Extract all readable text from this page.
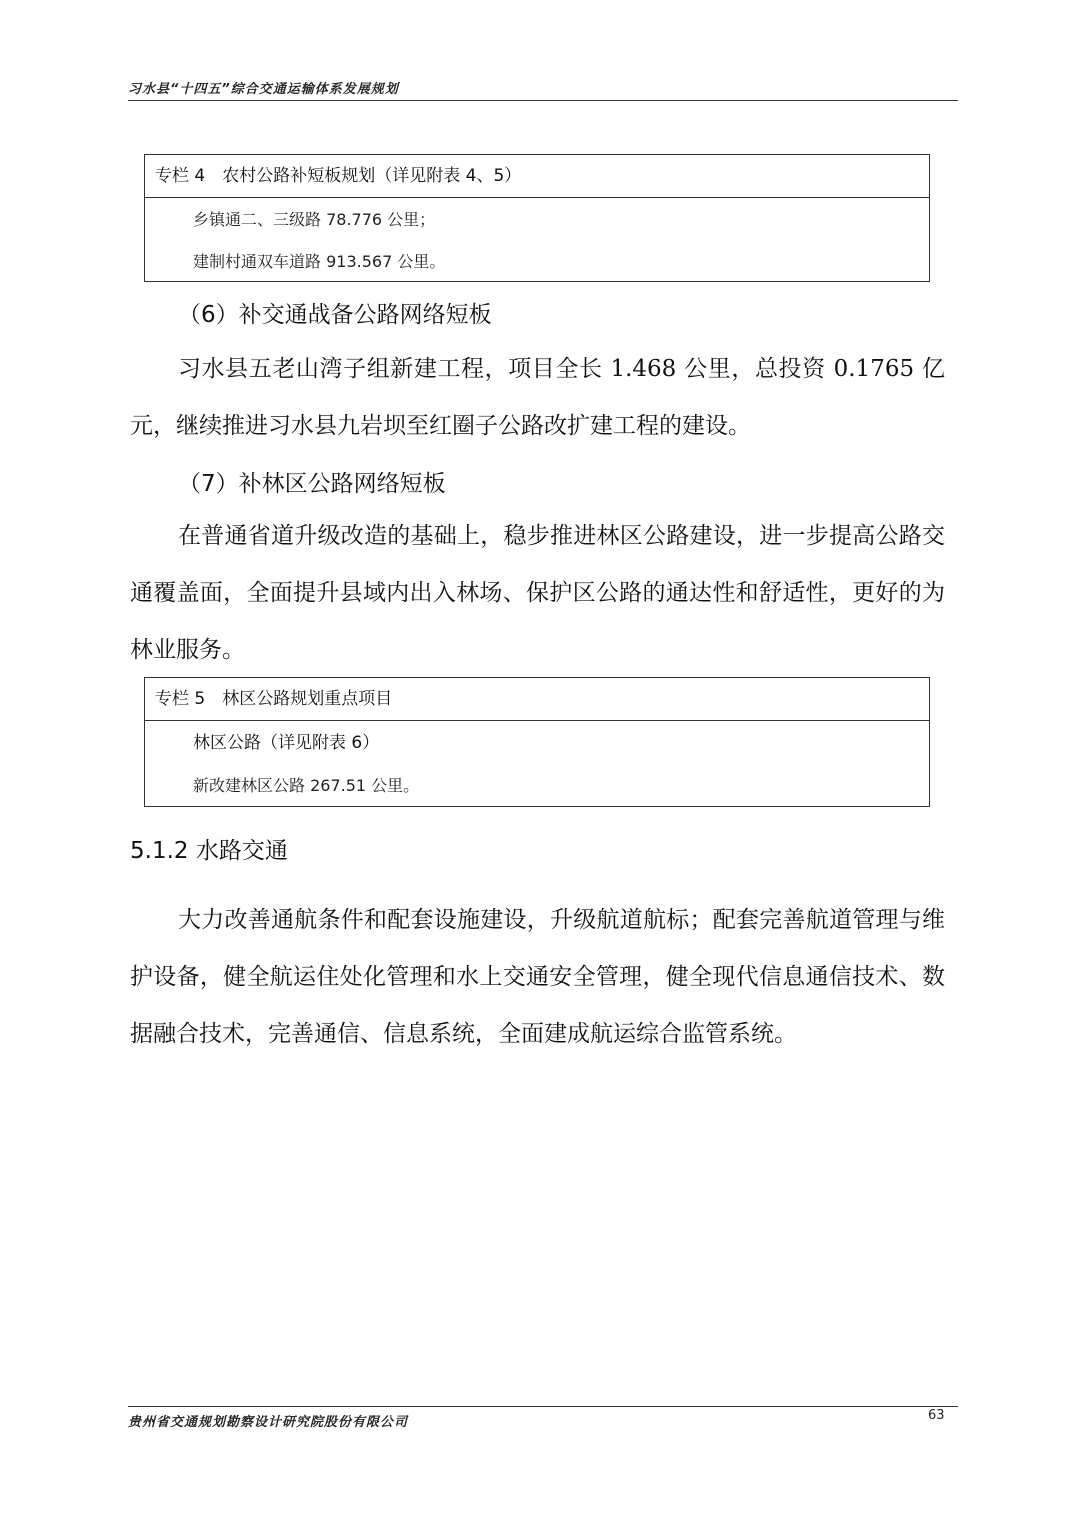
习水县“十四五”综合交通运输体系发展规划
专栏 4　农村公路补短板规划（详见附表 4、5）
乡镇通二、三级路 78.776 公里；
建制村通双车道路 913.567 公里。
（6）补交通战备公路网络短板
习水县五老山湾子组新建工程，项目全长 1.468 公里，总投资 0.1765 亿元，继续推进习水县九岩坝至红圈子公路改扩建工程的建设。
（7）补林区公路网络短板
在普通省道升级改造的基础上，稳步推进林区公路建设，进一步提高公路交通覆盖面，全面提升县域内出入林场、保护区公路的通达性和舒适性，更好的为林业服务。
专栏 5　林区公路规划重点项目
林区公路（详见附表 6）
新改建林区公路 267.51 公里。
5.1.2 水路交通
大力改善通航条件和配套设施建设，升级航道航标；配套完善航道管理与维护设备，健全航运住处化管理和水上交通安全管理，健全现代信息通信技术、数据融合技术，完善通信、信息系统，全面建成航运综合监管系统。
贵州省交通规划勘察设计研究院股份有限公司	63
